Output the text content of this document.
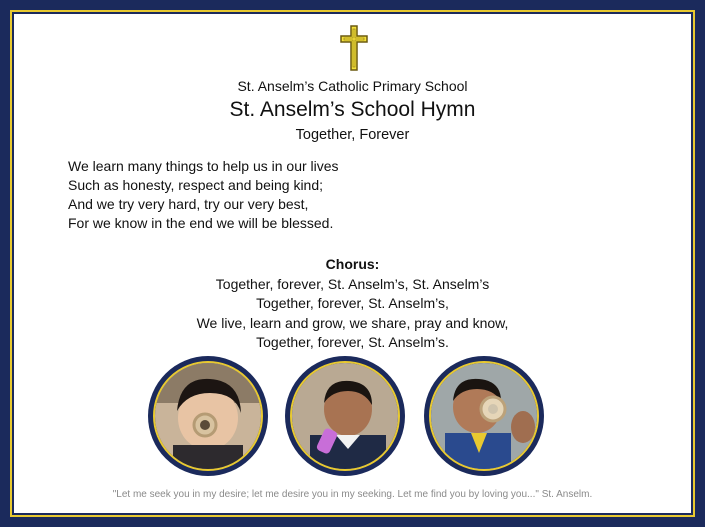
St. Anselm’s Catholic Primary School
St. Anselm’s School Hymn
Together, Forever
We learn many things to help us in our lives
Such as honesty, respect and being kind;
And we try very hard, try our very best,
For we know in the end we will be blessed.
Chorus:
Together, forever, St. Anselm’s, St. Anselm’s
Together, forever, St. Anselm’s,
We live, learn and grow, we share, pray and know,
Together, forever, St. Anselm’s.
"Let me seek you in my desire; let me desire you in my seeking. Let me find you by loving you..." St. Anselm.
